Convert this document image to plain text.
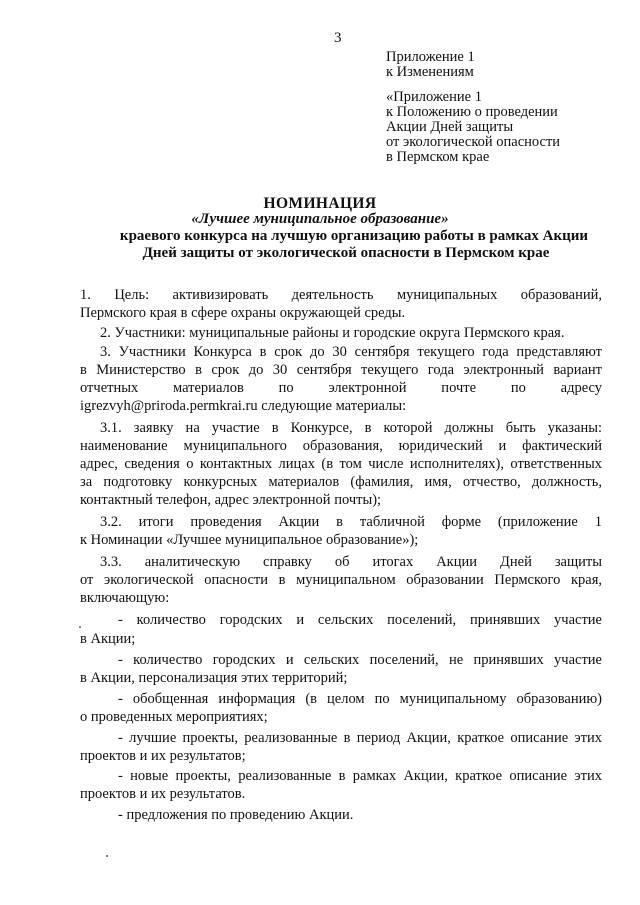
3
Приложение 1
к Изменениям
«Приложение 1
к Положению о проведении
Акции Дней защиты
от экологической опасности
в Пермском крае
НОМИНАЦИЯ
«Лучшее муниципальное образование»
краевого конкурса на лучшую организацию работы в рамках Акции
Дней защиты от экологической опасности в Пермском крае
1. Цель: активизировать деятельность муниципальных образований,
Пермского края в сфере охраны окружающей среды.
2. Участники: муниципальные районы и городские округа Пермского края.
3. Участники Конкурса в срок до 30 сентября текущего года представляют
в Министерство в срок до 30 сентября текущего года электронный вариант
отчетных материалов по электронной почте по адресу
igrezvyh@priroda.permkrai.ru следующие материалы:
3.1. заявку на участие в Конкурсе, в которой должны быть указаны:
наименование муниципального образования, юридический и фактический
адрес, сведения о контактных лицах (в том числе исполнителях), ответственных
за подготовку конкурсных материалов (фамилия, имя, отчество, должность,
контактный телефон, адрес электронной почты);
3.2. итоги проведения Акции в табличной форме (приложение 1
к Номинации «Лучшее муниципальное образование»);
3.3. аналитическую справку об итогах Акции Дней защиты
от экологической опасности в муниципальном образовании Пермского края,
включающую:
- количество городских и сельских поселений, принявших участие
в Акции;
- количество городских и сельских поселений, не принявших участие
в Акции, персонализация этих территорий;
- обобщенная информация (в целом по муниципальному образованию)
о проведенных мероприятиях;
- лучшие проекты, реализованные в период Акции, краткое описание этих
проектов и их результатов;
- новые проекты, реализованные в рамках Акции, краткое описание этих
проектов и их результатов.
- предложения по проведению Акции.
